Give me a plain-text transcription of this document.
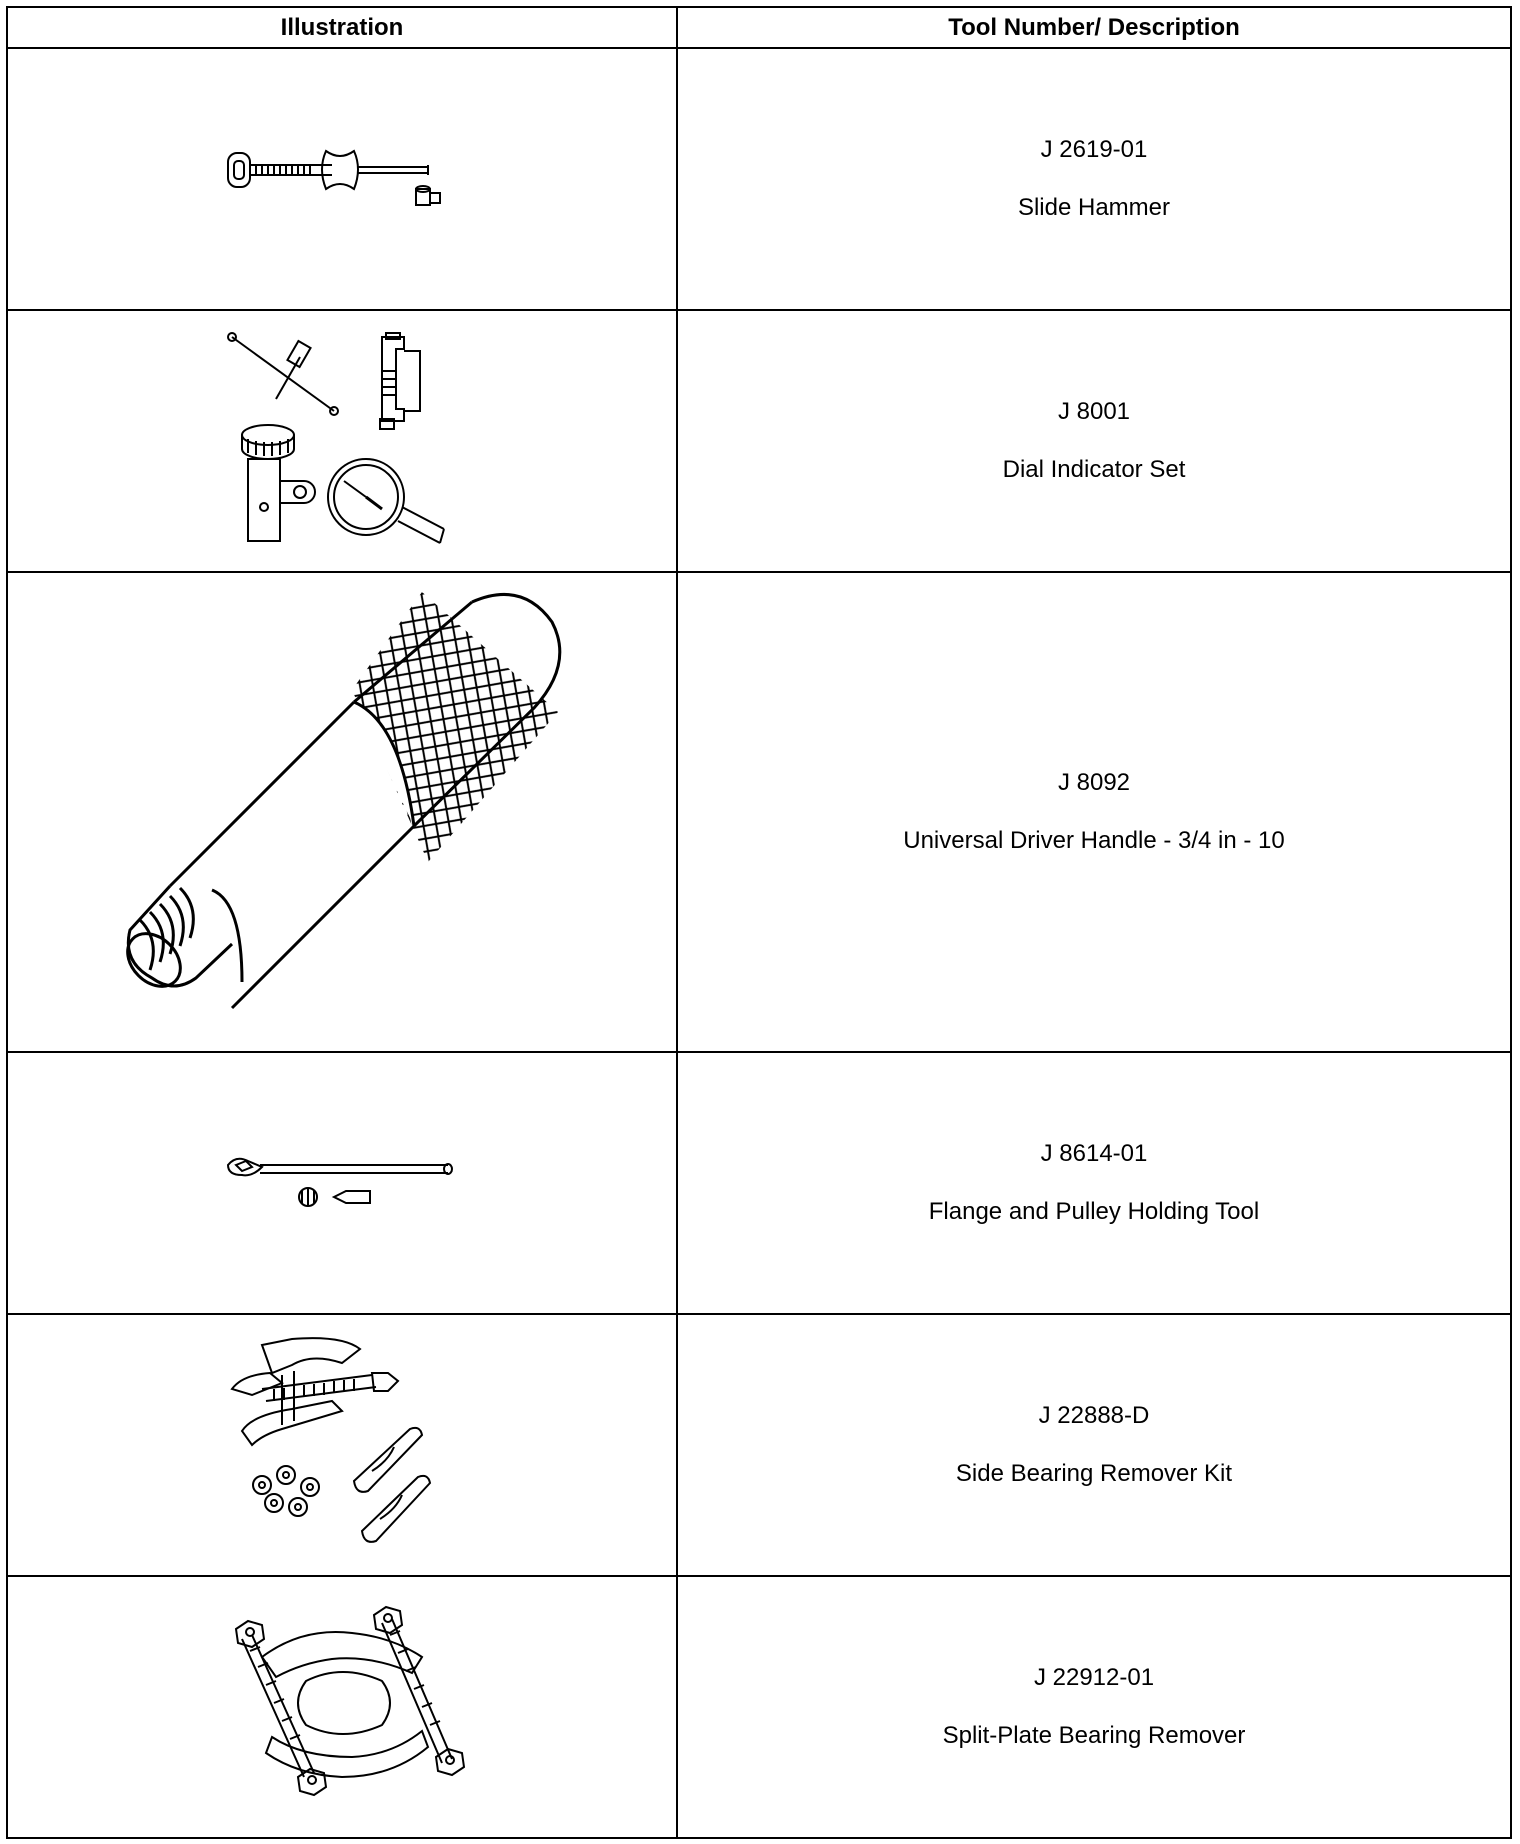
Illustration	Tool Number/ Description

J 2619-01
Slide Hammer

J 8001
Dial Indicator Set

J 8092
Universal Driver Handle - 3/4 in - 10

J 8614-01
Flange and Pulley Holding Tool

J 22888-D
Side Bearing Remover Kit

J 22912-01
Split-Plate Bearing Remover
